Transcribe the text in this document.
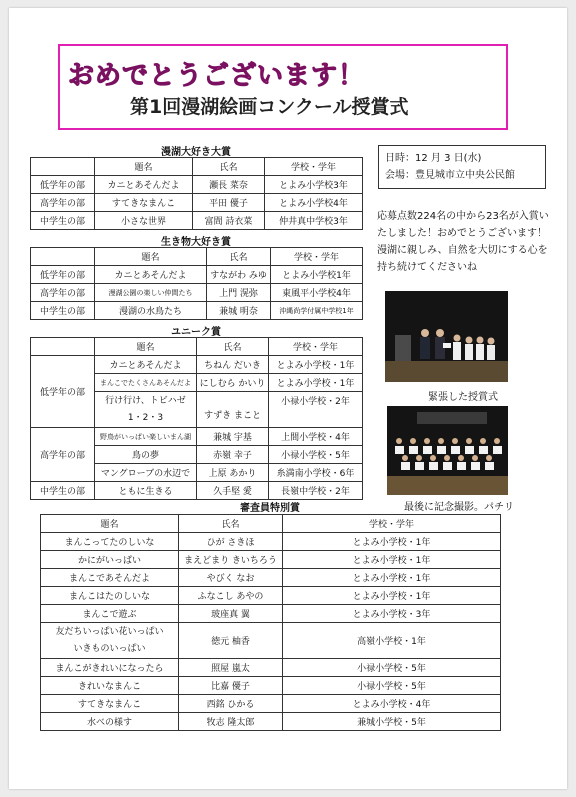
おめでとうございます！
第1回漫湖絵画コンクール授賞式
漫湖大好き大賞
	題名	氏名	学校・学年
低学年の部	カニとあそんだよ	瀬長 菜奈	とよみ小学校3年
高学年の部	すてきなまんこ	平田 優子	とよみ小学校4年
中学生の部	小さな世界	富間 詩衣菜	仲井真中学校3年
生き物大好き賞
	題名	氏名	学校・学年
低学年の部	カニとあそんだよ	すながわ みゆ	とよみ小学校1年
高学年の部	漫湖公園の楽しい仲間たち	上門 滉弥	東風平小学校4年
中学生の部	漫湖の水鳥たち	兼城 明奈	沖縄尚学付属中学校1年
ユニーク賞
	題名	氏名	学校・学年
低学年の部	カニとあそんだよ	ちねん だいき	とよみ小学校・1年
	まんこでたくさんあそんだよ	にしむら かいり	とよみ小学校・1年
	行け行け、トビハゼ
1・2・3	すずき まこと	小禄小学校・2年
高学年の部	野鳥がいっぱい楽しいまん湖	兼城 宇基	上間小学校・4年
	鳥の夢	赤嶺 幸子	小禄小学校・5年
	マングローブの水辺で	上原 あかり	糸満南小学校・6年
中学生の部	ともに生きる	久手堅 愛	長嶺中学校・2年
審査員特別賞
題名	氏名	学校・学年
まんこってたのしいな	ひが さきほ	とよみ小学校・1年
かにがいっぱい	まえどまり きいちろう	とよみ小学校・1年
まんこであそんだよ	やびく なお	とよみ小学校・1年
まんこはたのしいな	ふなこし あやの	とよみ小学校・1年
まんこで遊ぶ	玻座真 翼	とよみ小学校・3年
友だちいっぱい花いっぱい
いきものいっぱい	徳元 柚香	高嶺小学校・1年
まんこがきれいになったら	照屋 嵐太	小禄小学校・5年
きれいなまんこ	比嘉 優子	小禄小学校・5年
すてきなまんこ	西銘 ひかる	とよみ小学校・4年
水べの様す	牧志 隆太郎	兼城小学校・5年
日時：12 月 3 日(水)
会場：豊見城市立中央公民館
応募点数224名の中から23名が入賞いたしました！おめでとうございます！漫湖に親しみ、自然を大切にする心を持ち続けてくださいね
緊張した授賞式
最後に記念撮影。パチリ
